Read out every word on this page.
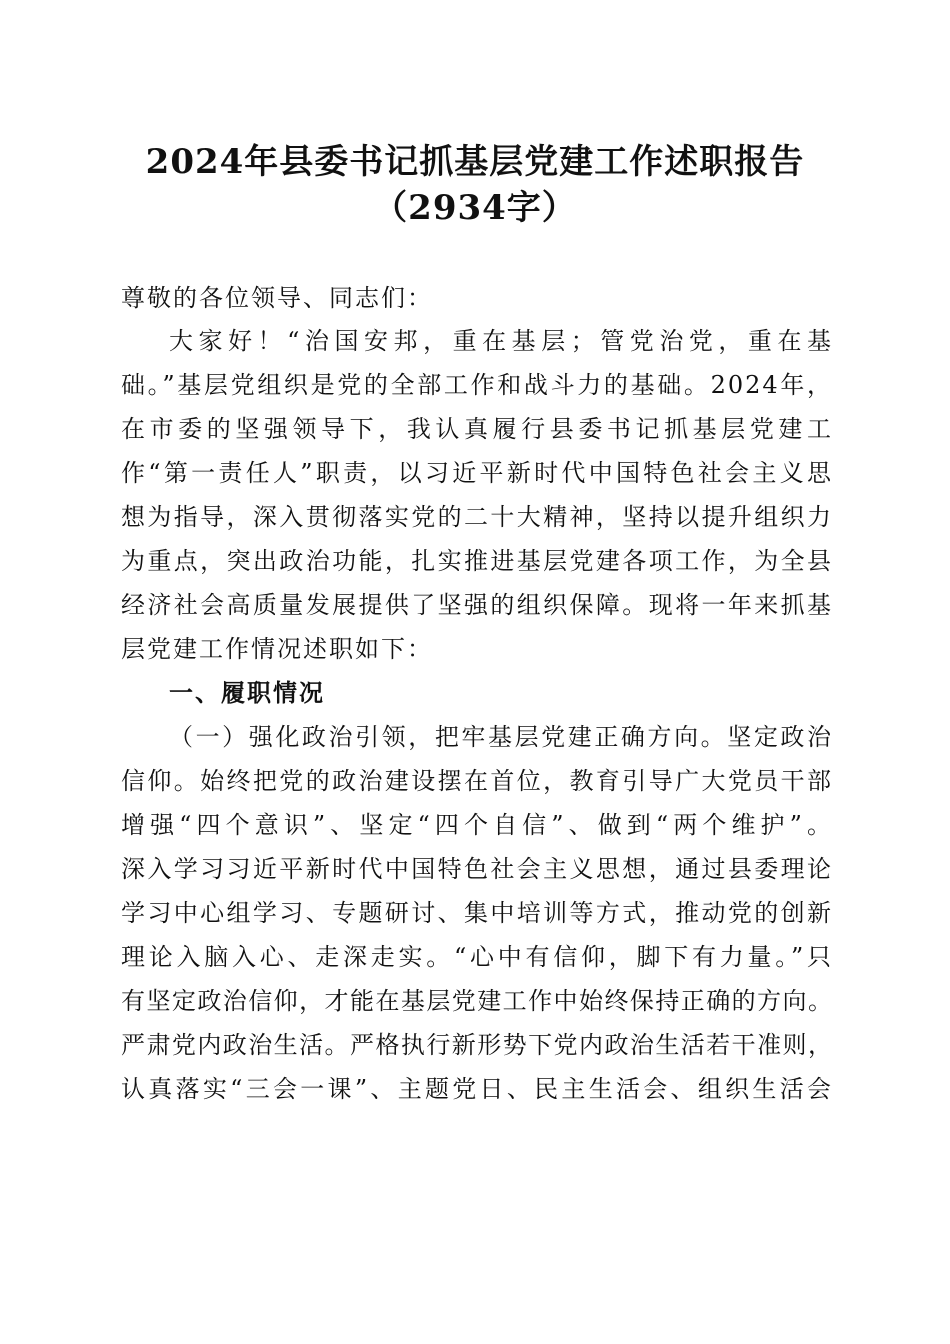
2024年县委书记抓基层党建工作述职报告
（2934字）
尊敬的各位领导、同志们：
大家好！“治国安邦，重在基层；管党治党，重在基
础。”基层党组织是党的全部工作和战斗力的基础。2024年，
在市委的坚强领导下，我认真履行县委书记抓基层党建工
作“第一责任人”职责，以习近平新时代中国特色社会主义思
想为指导，深入贯彻落实党的二十大精神，坚持以提升组织力
为重点，突出政治功能，扎实推进基层党建各项工作，为全县
经济社会高质量发展提供了坚强的组织保障。现将一年来抓基
层党建工作情况述职如下：
一、履职情况
（一）强化政治引领，把牢基层党建正确方向。坚定政治
信仰。始终把党的政治建设摆在首位，教育引导广大党员干部
增强“四个意识”、坚定“四个自信”、做到“两个维护”。
深入学习习近平新时代中国特色社会主义思想，通过县委理论
学习中心组学习、专题研讨、集中培训等方式，推动党的创新
理论入脑入心、走深走实。“心中有信仰，脚下有力量。”只
有坚定政治信仰，才能在基层党建工作中始终保持正确的方向。
严肃党内政治生活。严格执行新形势下党内政治生活若干准则，
认真落实“三会一课”、主题党日、民主生活会、组织生活会
